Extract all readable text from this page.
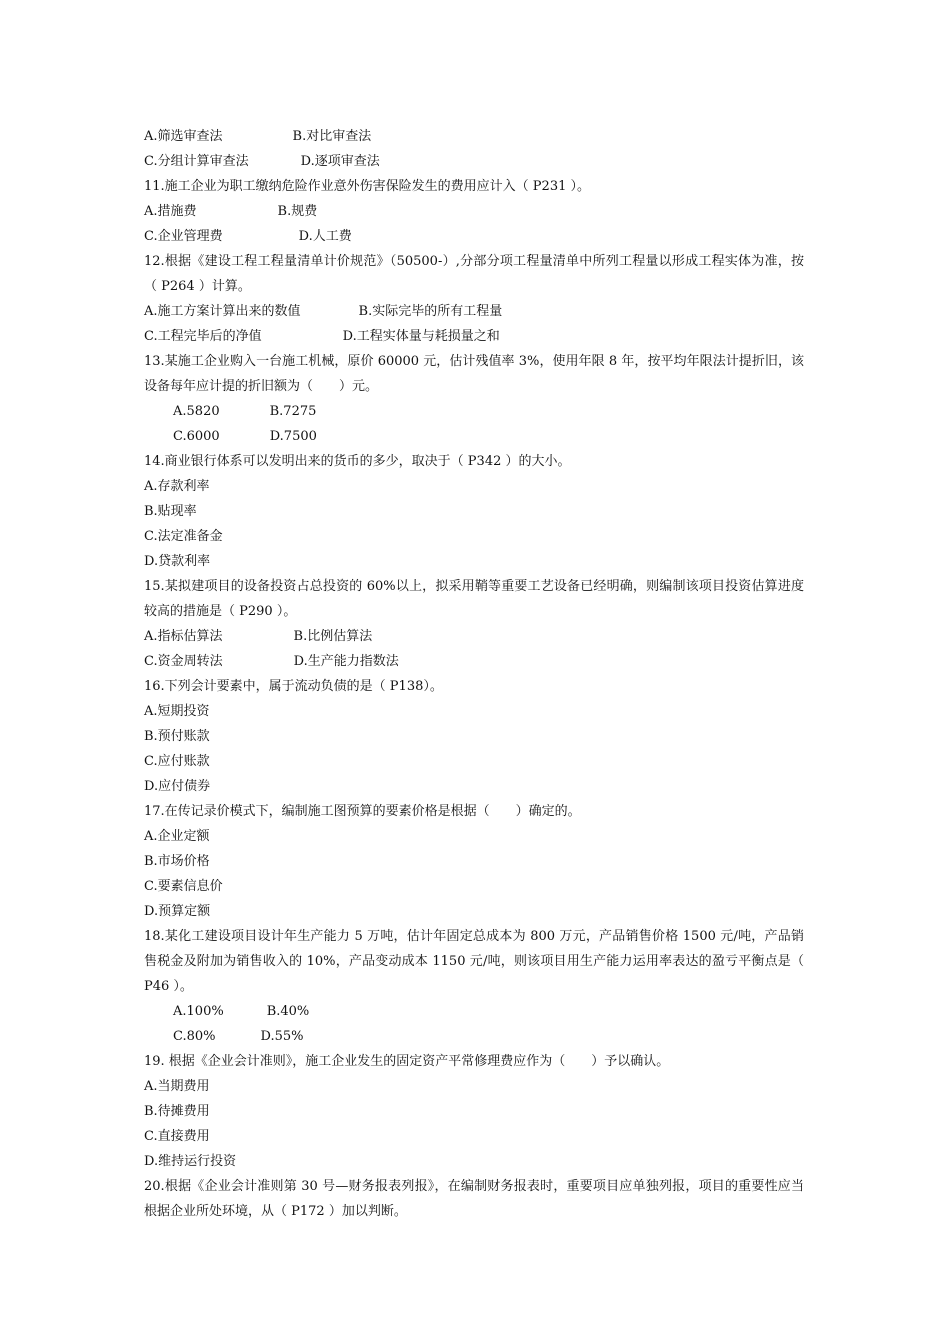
A.筛选审查法	B.对比审查法
C.分组计算审查法	D.逐项审查法
11.施工企业为职工缴纳危险作业意外伤害保险发生的费用应计入（ P231 ）。
A.措施费	B.规费
C.企业管理费	D.人工费
12.根据《建设工程工程量清单计价规范》（50500-）,分部分项工程量清单中所列工程量以形成工程实体为准，按（ P264 ）计算。
A.施工方案计算出来的数值	B.实际完毕的所有工程量
C.工程完毕后的净值	D.工程实体量与耗损量之和
13.某施工企业购入一台施工机械，原价 60000 元，估计残值率 3%，使用年限 8 年，按平均年限法计提折旧，该设备每年应计提的折旧额为（　　）元。
A.5820	B.7275
C.6000	D.7500
14.商业银行体系可以发明出来的货币的多少，取决于（ P342 ）的大小。
A.存款利率
B.贴现率
C.法定准备金
D.贷款利率
15.某拟建项目的设备投资占总投资的 60%以上，拟采用鞘等重要工艺设备已经明确，则编制该项目投资估算进度较高的措施是（ P290 ）。
A.指标估算法	B.比例估算法
C.资金周转法	D.生产能力指数法
16.下列会计要素中，属于流动负债的是（ P138）。
A.短期投资
B.预付账款
C.应付账款
D.应付债券
17.在传记录价模式下，编制施工图预算的要素价格是根据（　　）确定的。
A.企业定额
B.市场价格
C.要素信息价
D.预算定额
18.某化工建设项目设计年生产能力 5 万吨，估计年固定总成本为 800 万元，产品销售价格 1500 元/吨，产品销售税金及附加为销售收入的 10%，产品变动成本 1150 元/吨，则该项目用生产能力运用率表达的盈亏平衡点是（ P46 ）。
A.100%	B.40%
C.80%	D.55%
19. 根据《企业会计准则》，施工企业发生的固定资产平常修理费应作为（　　）予以确认。
A.当期费用
B.待摊费用
C.直接费用
D.维持运行投资
20.根据《企业会计准则第 30 号—财务报表列报》，在编制财务报表时，重要项目应单独列报，项目的重要性应当根据企业所处环境，从（ P172 ）加以判断。
